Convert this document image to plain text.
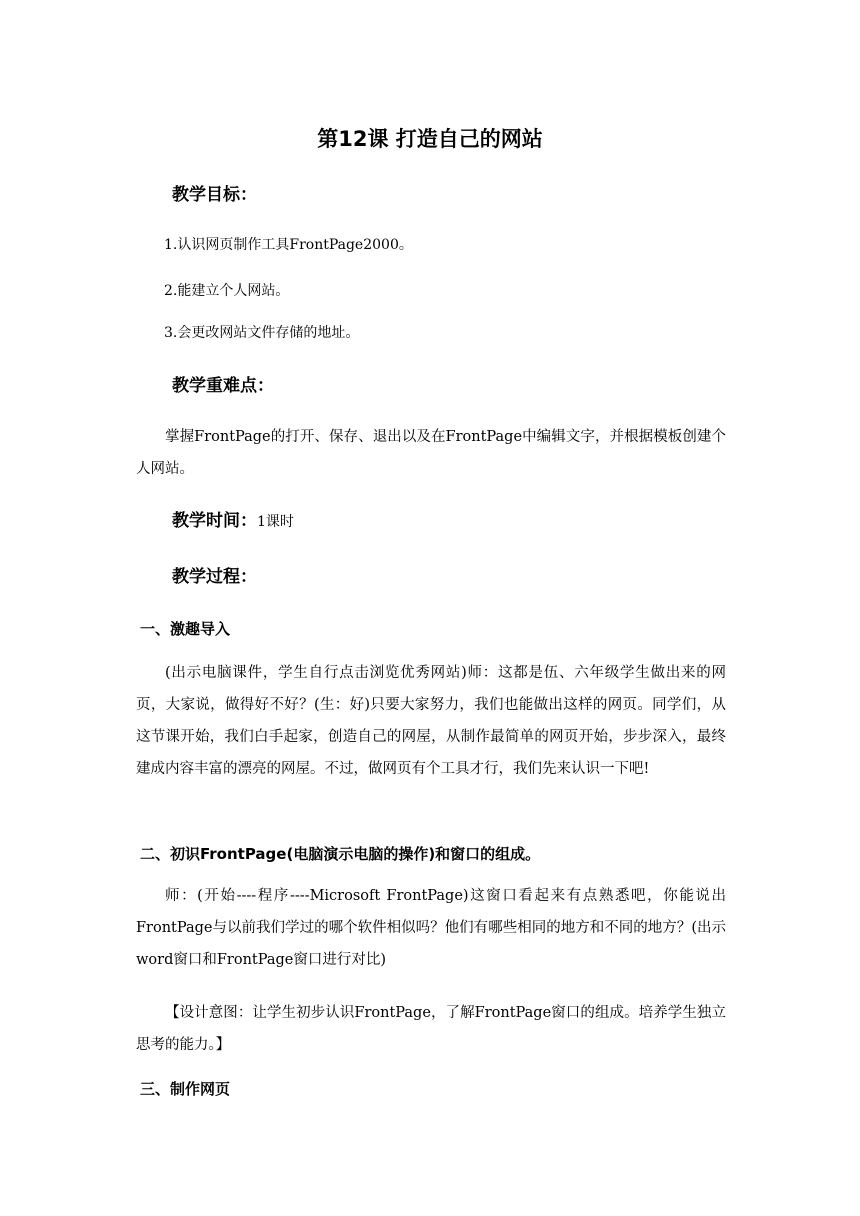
第12课 打造自己的网站
教学目标：
1.认识网页制作工具FrontPage2000。
2.能建立个人网站。
3.会更改网站文件存储的地址。
教学重难点：

掌握FrontPage的打开、保存、退出以及在FrontPage中编辑文字，并根据模板创建个人网站。

教学时间：1课时
教学过程：
一、激趣导入

(出示电脑课件，学生自行点击浏览优秀网站)师：这都是伍、六年级学生做出来的网页，大家说，做得好不好？(生：好)只要大家努力，我们也能做出这样的网页。同学们，从这节课开始，我们白手起家，创造自己的网屋，从制作最简单的网页开始，步步深入，最终建成内容丰富的漂亮的网屋。不过，做网页有个工具才行，我们先来认识一下吧!

二、初识FrontPage(电脑演示电脑的操作)和窗口的组成。

师：(开始----程序----Microsoft FrontPage)这窗口看起来有点熟悉吧，你能说出FrontPage与以前我们学过的哪个软件相似吗？他们有哪些相同的地方和不同的地方？(出示word窗口和FrontPage窗口进行对比)

【设计意图：让学生初步认识FrontPage，了解FrontPage窗口的组成。培养学生独立思考的能力。】

三、制作网页
